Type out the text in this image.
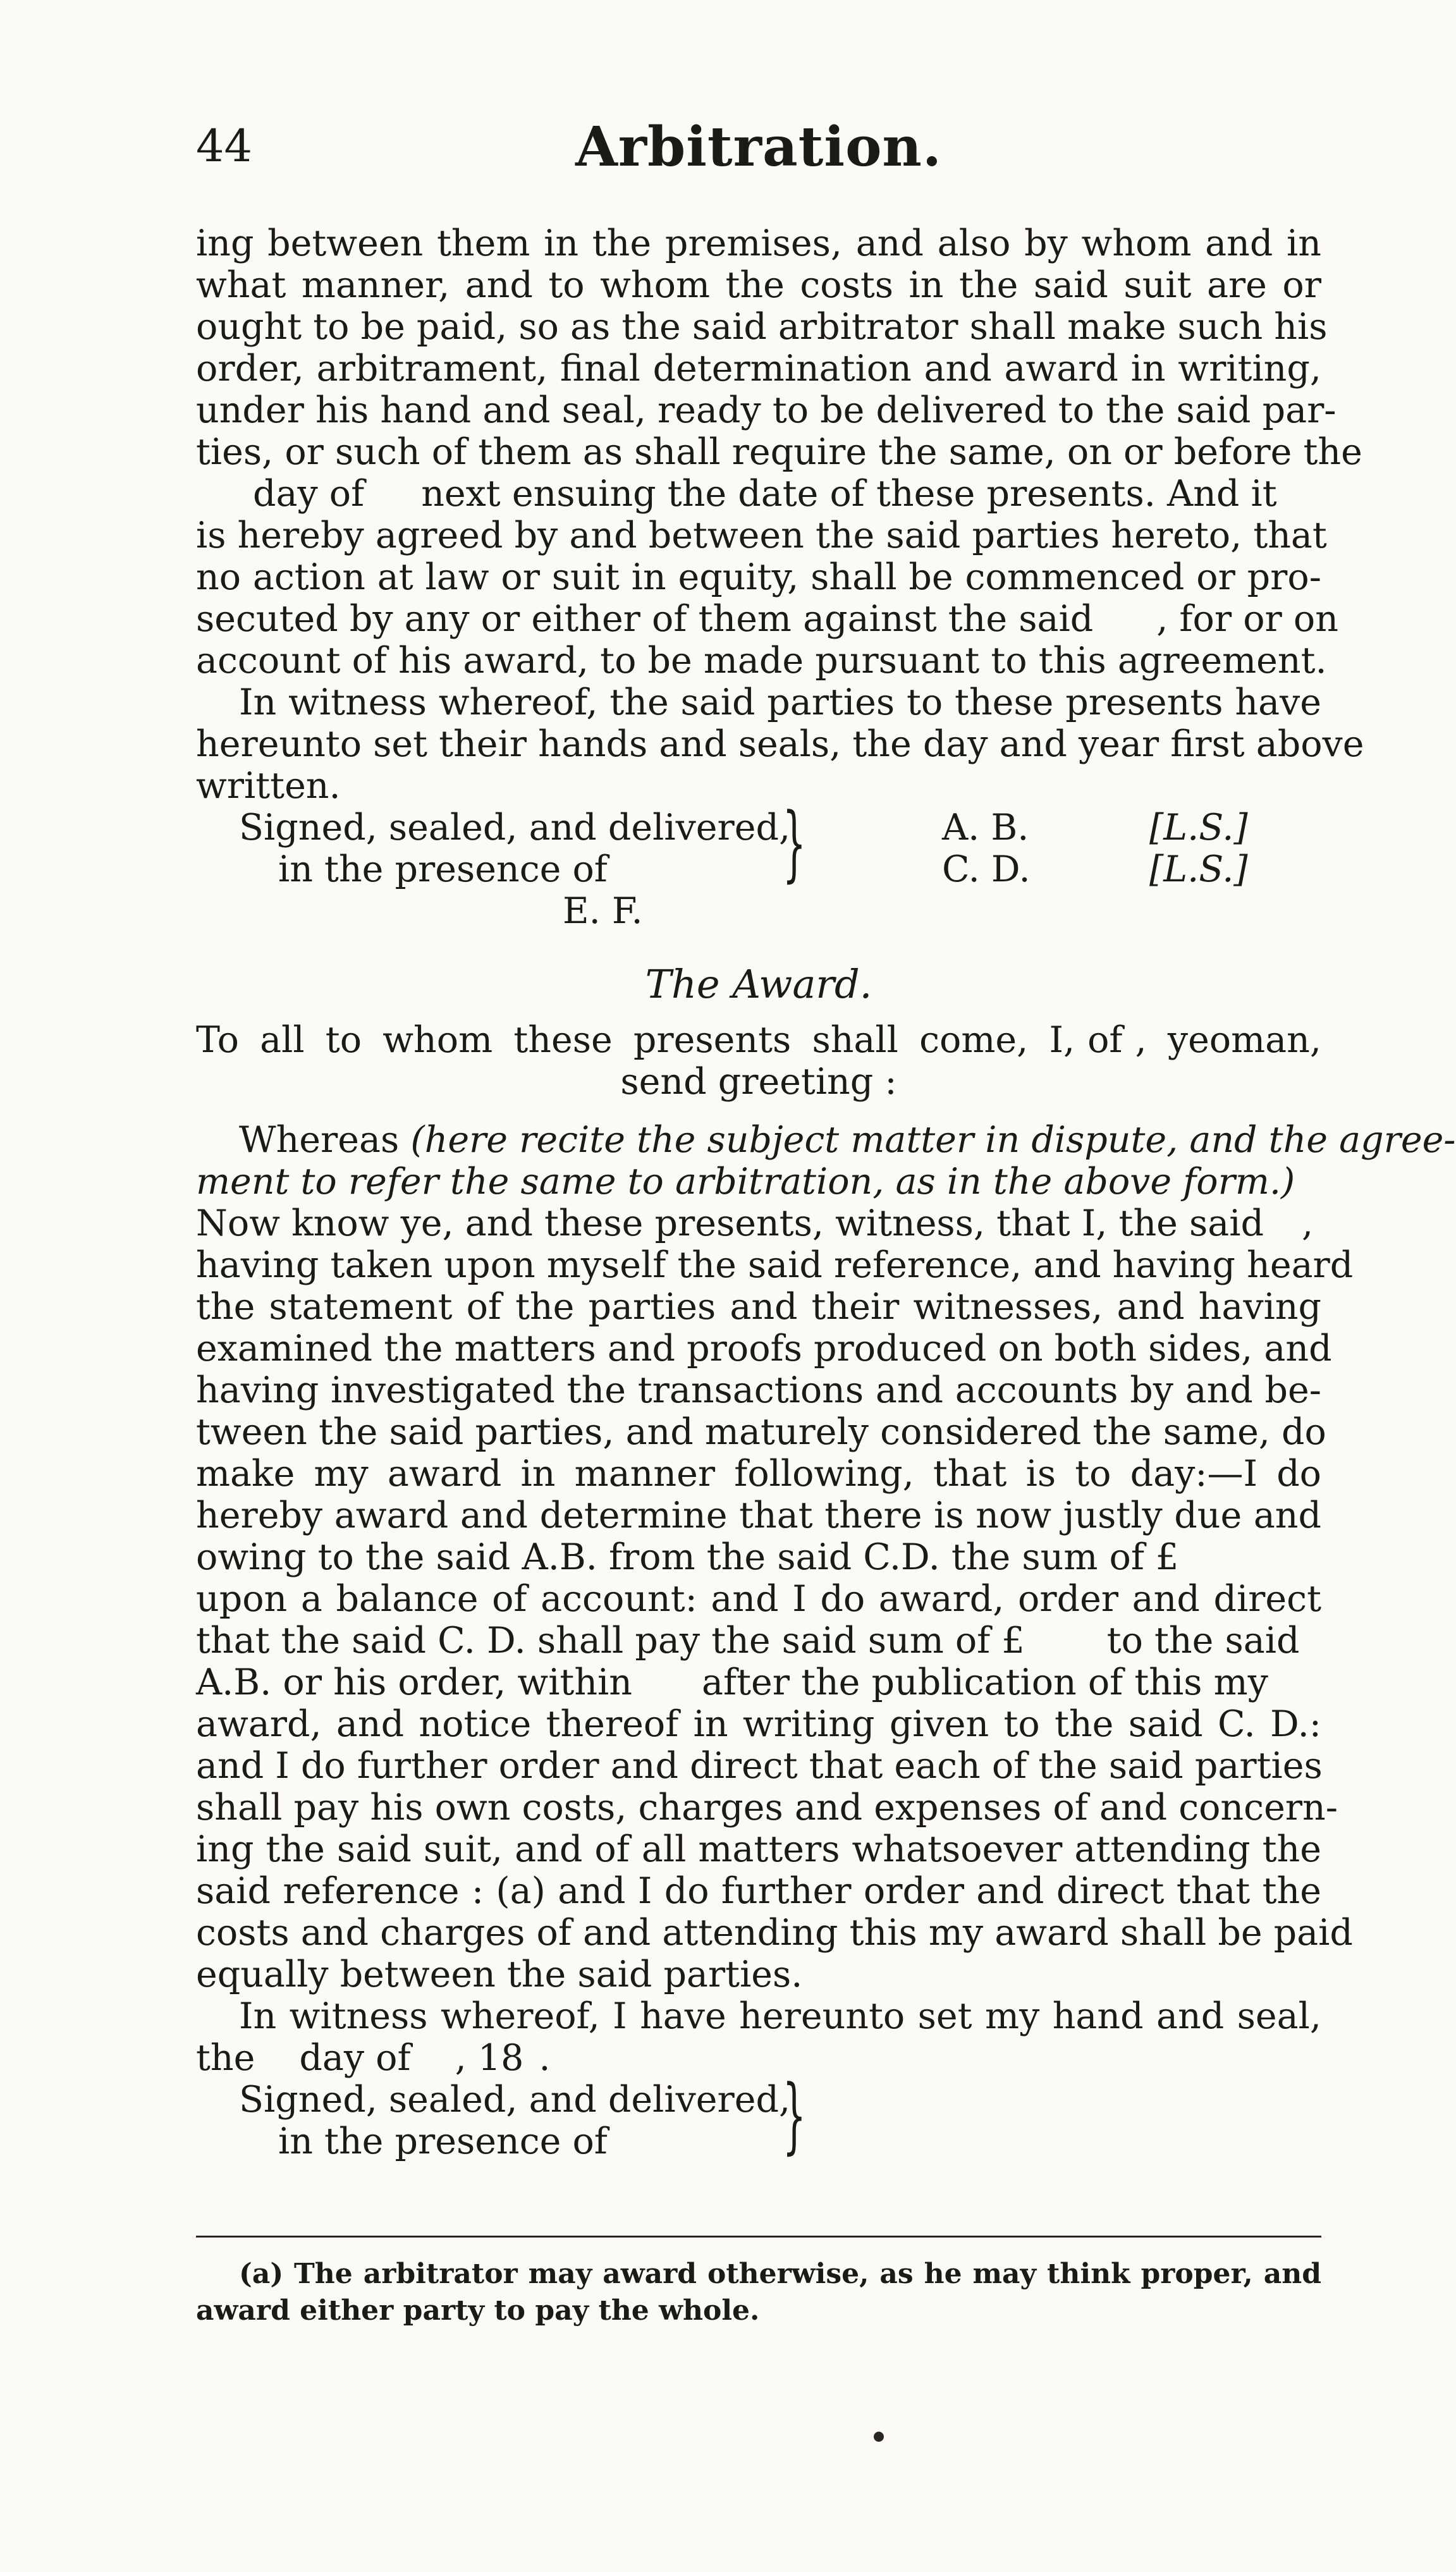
44	Arbitration.
ing between them in the premises, and also by whom and in
what manner, and to whom the costs in the said suit are or
ought to be paid, so as the said arbitrator shall make such his
order, arbitrament, final determination and award in writing,
under his hand and seal, ready to be delivered to the said par-
ties, or such of them as shall require the same, on or before the
day of next ensuing the date of these presents. And it
is hereby agreed by and between the said parties hereto, that
no action at law or suit in equity, shall be commenced or pro-
secuted by any or either of them against the said , for or on
account of his award, to be made pursuant to this agreement.
In witness whereof, the said parties to these presents have
hereunto set their hands and seals, the day and year first above
written.
Signed, sealed, and delivered,
in the presence of }	A. B.
C. D.
[L.S.]
[L.S.]
E. F.
The Award.
To all to whom these presents shall come, I, of , yeoman,
send greeting :
Whereas (here recite the subject matter in dispute, and the agree-
ment to refer the same to arbitration, as in the above form.)
Now know ye, and these presents, witness, that I, the said ,
having taken upon myself the said reference, and having heard
the statement of the parties and their witnesses, and having
examined the matters and proofs produced on both sides, and
having investigated the transactions and accounts by and be-
tween the said parties, and maturely considered the same, do
make my award in manner following, that is to day:—I do
hereby award and determine that there is now justly due and
owing to the said A.B. from the said C.D. the sum of £
upon a balance of account: and I do award, order and direct
that the said C. D. shall pay the said sum of £ to the said
A.B. or his order, within after the publication of this my
award, and notice thereof in writing given to the said C. D.:
and I do further order and direct that each of the said parties
shall pay his own costs, charges and expenses of and concern-
ing the said suit, and of all matters whatsoever attending the
said reference : (a) and I do further order and direct that the
costs and charges of and attending this my award shall be paid
equally between the said parties.
In witness whereof, I have hereunto set my hand and seal,
the day of , 18 .
Signed, sealed, and delivered,
in the presence of }
(a) The arbitrator may award otherwise, as he may think proper, and
award either party to pay the whole.
